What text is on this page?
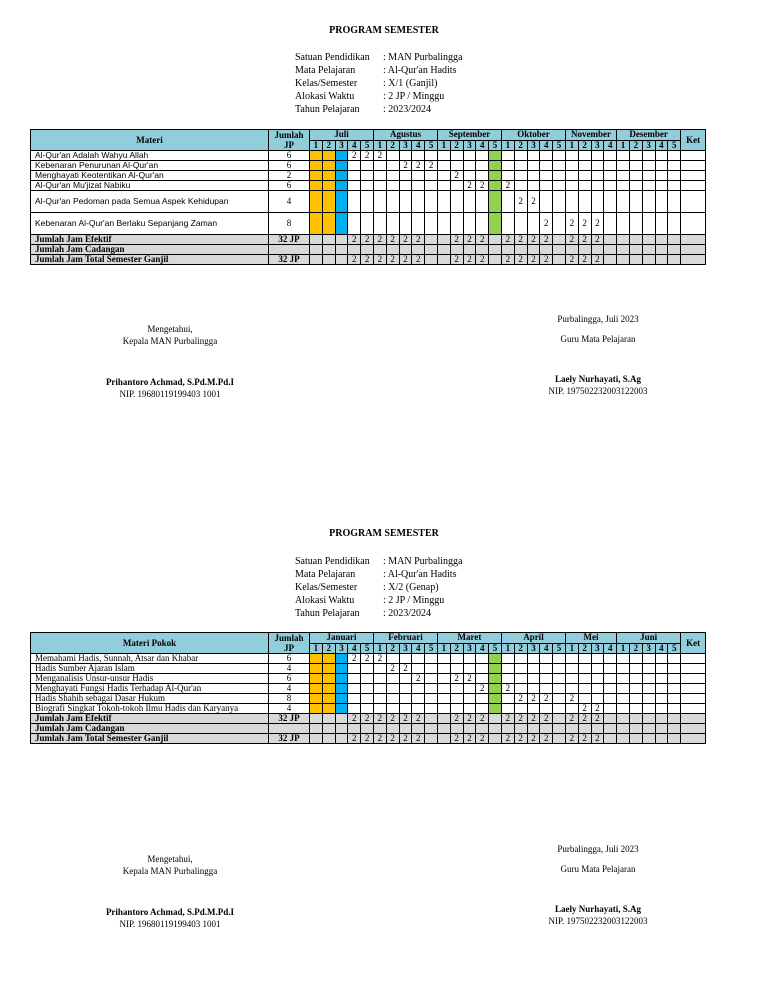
PROGRAM SEMESTER
Satuan Pendidikan : MAN Purbalingga
Mata Pelajaran	: Al-Qur'an Hadits
Kelas/Semester	: X/1 (Ganjil)
Alokasi Waktu	: 2 JP / Minggu
Tahun Pelajaran : 2023/2024
Materi	Jumlah JP	Juli					Agustus					September					Oktober					November				Desember					Ket
		1	2	3	4	5	1	2	3	4	5	1	2	3	4	5	1	2	3	4	5	1	2	3	4	1	2	3	4	5	
Al-Qur'an Adalah Wahyu Allah	6				2	2	2																								
Kebenaran Penurunan Al-Qur'an	6								2	2	2																				
Menghayati Keotentikan Al-Qur'an	2												2																		
Al-Qur'an Mu'jizat Nabiku	6													2	2		2														
Al-Qur'an Pedoman pada Semua Aspek Kehidupan	4																	2	2												
Kebenaran Al-Qur'an Berlaku Sepanjang Zaman	8																			2		2	2	2							
Jumlah Jam Efektif	32 JP				2	2	2	2	2	2			2	2	2		2	2	2	2		2	2	2							
Jumlah Jam Cadangan																															
Jumlah Jam Total Semester Ganjil	32 JP				2	2	2	2	2	2			2	2	2		2	2	2	2		2	2	2							
Mengetahui,
Kepala MAN Purbalingga
Prihantoro Achmad, S.Pd.M.Pd.I
NIP. 19680119199403 1001
Purbalingga, Juli 2023
Guru Mata Pelajaran
Laely Nurhayati, S.Ag
NIP. 197502232003122003
PROGRAM SEMESTER
Satuan Pendidikan : MAN Purbalingga
Mata Pelajaran	: Al-Qur'an Hadits
Kelas/Semester	: X/2 (Genap)
Alokasi Waktu	: 2 JP / Minggu
Tahun Pelajaran : 2023/2024
Materi Pokok	Jumlah JP	Januari					Februari					Maret					April					Mei				Juni					Ket
		1	2	3	4	5	1	2	3	4	5	1	2	3	4	5	1	2	3	4	5	1	2	3	4	1	2	3	4	5	
Memahami Hadis, Sunnah, Atsar dan Khabar	6				2	2	2																								
Hadis Sumber Ajaran Islam	4							2	2																						
Menganalisis Unsur-unsur Hadis	6									2			2	2																	
Menghayati Fungsi Hadis Terhadap Al-Qur'an	4														2		2														
Hadis Shahih sebagai Dasar Hukum	8																	2	2	2		2									
Biografi Singkat Tokoh-tokoh Ilmu Hadis dan Karyanya	4																						2	2							
Jumlah Jam Efektif	32 JP				2	2	2	2	2	2			2	2	2		2	2	2	2		2	2	2							
Jumlah Jam Cadangan																															
Jumlah Jam Total Semester Ganjil	32 JP				2	2	2	2	2	2			2	2	2		2	2	2	2		2	2	2							
Mengetahui,
Kepala MAN Purbalingga
Prihantoro Achmad, S.Pd.M.Pd.I
NIP. 19680119199403 1001
Purbalingga, Juli 2023
Guru Mata Pelajaran
Laely Nurhayati, S.Ag
NIP. 197502232003122003
